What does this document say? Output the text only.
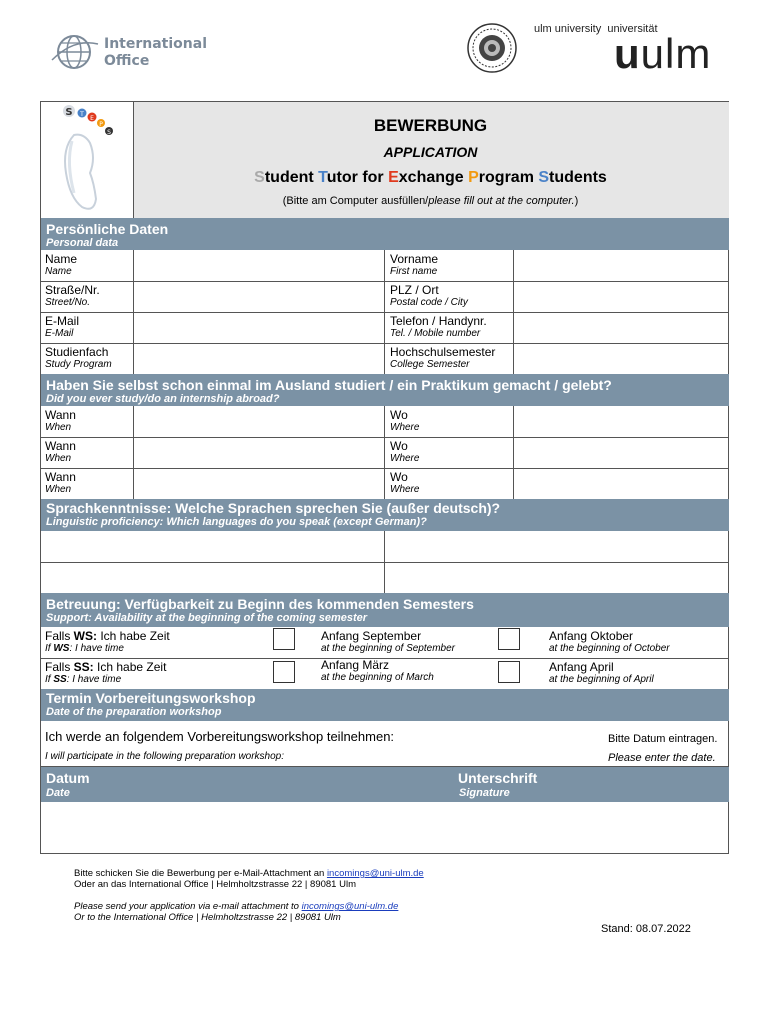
International
Office
ulm university universität
uulm
S T
E
P
S	BEWERBUNG
APPLICATION
Student Tutor for Exchange Program Students
(Bitte am Computer ausfüllen/please fill out at the computer.)
Persönliche Daten
Personal data
Name
Name
Vorname
First name
Straße/Nr.
Street/No.
PLZ / Ort
Postal code / City
E-Mail
E-Mail
Telefon / Handynr.
Tel. / Mobile number
Studienfach
Study Program
Hochschulsemester
College Semester
Haben Sie selbst schon einmal im Ausland studiert / ein Praktikum gemacht / gelebt?
Did you ever study/do an internship abroad?
Wann
When
Wo
Where
Wann
When
Wo
Where
Wann
When
Wo
Where
Sprachkenntnisse: Welche Sprachen sprechen Sie (außer deutsch)?
Linguistic proficiency: Which languages do you speak (except German)?
Betreuung: Verfügbarkeit zu Beginn des kommenden Semesters
Support: Availability at the beginning of the coming semester
Falls WS: Ich habe Zeit
If WS: I have time
Anfang September
at the beginning of September
Anfang Oktober
at the beginning of October
Falls SS: Ich habe Zeit
If SS: I have time
Anfang März
at the beginning of March
Anfang April
at the beginning of April
Termin Vorbereitungsworkshop
Date of the preparation workshop
Ich werde an folgendem Vorbereitungsworkshop teilnehmen:
I will participate in the following preparation workshop:
Bitte Datum eintragen.
Please enter the date.
Datum
Date
Unterschrift
Signature
Bitte schicken Sie die Bewerbung per e-Mail-Attachment an incomings@uni-ulm.de
Oder an das International Office | Helmholtzstrasse 22 | 89081 Ulm
Please send your application via e-mail attachment to incomings@uni-ulm.de
Or to the International Office | Helmholtzstrasse 22 | 89081 Ulm
Stand: 08.07.2022
